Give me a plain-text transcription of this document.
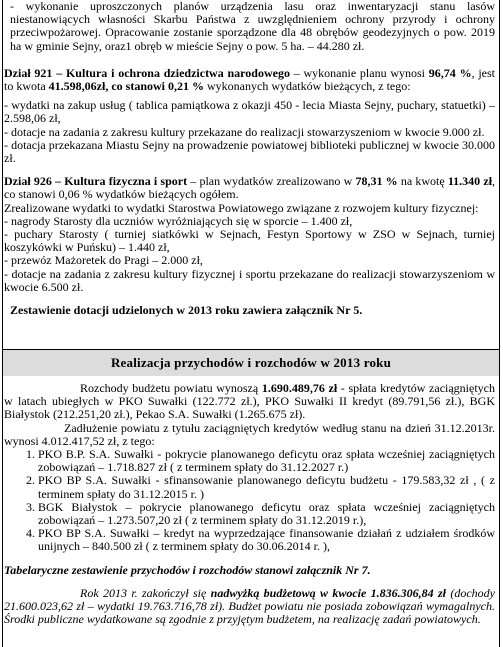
- wykonanie uproszczonych planów urządzenia lasu oraz inwentaryzacji stanu lasów niestanowiących własności Skarbu Państwa z uwzględnieniem ochrony przyrody i ochrony przeciwpożarowej. Opracowanie zostanie sporządzone dla 48 obrębów geodezyjnych o pow. 2019 ha w gminie Sejny, oraz1 obręb w mieście Sejny o pow. 5 ha. – 44.280 zł.

Dział 921 – Kultura i ochrona dziedzictwa narodowego – wykonanie planu wynosi 96,74 %, jest to kwota 41.598,06zł, co stanowi 0,21 % wykonanych wydatków bieżących, z tego:

- wydatki na zakup usług ( tablica pamiątkowa z okazji 450 - lecia Miasta Sejny, puchary, statuetki) – 2.598,06 zł,

- dotacje na zadania z zakresu kultury przekazane do realizacji stowarzyszeniom w kwocie 9.000 zł.

- dotacja przekazana Miastu Sejny na prowadzenie powiatowej biblioteki publicznej w kwocie 30.000 zł.

Dział 926 – Kultura fizyczna i sport – plan wydatków zrealizowano w 78,31 % na kwotę 11.340 zł, co stanowi 0,06 % wydatków bieżących ogółem.

Zrealizowane wydatki to wydatki Starostwa Powiatowego związane z rozwojem kultury fizycznej:

- nagrody Starosty dla uczniów wyróżniających się w sporcie – 1.400 zł,

- puchary Starosty ( turniej siatkówki w Sejnach, Festyn Sportowy w ZSO w Sejnach, turniej koszykówki w Puńsku) – 1.440 zł,

- przewóz Mażoretek do Pragi – 2.000 zł,

- dotacje na zadania z zakresu kultury fizycznej i sportu przekazane do realizacji stowarzyszeniom w kwocie 6.500 zł.

Zestawienie dotacji udzielonych w 2013 roku zawiera załącznik Nr 5.

Realizacja przychodów i rozchodów w 2013 roku

Rozchody budżetu powiatu wynoszą 1.690.489,76 zł - spłata kredytów zaciągniętych w latach ubiegłych w PKO Suwałki (122.772 zł.), PKO Suwałki II kredyt (89.791,56 zł.), BGK Białystok (212.251,20 zł.), Pekao S.A. Suwałki (1.265.675 zł).

Zadłużenie powiatu z tytułu zaciągniętych kredytów według stanu na dzień 31.12.2013r. wynosi 4.012.417,52 zł, z tego:

1. PKO B.P. S.A. Suwałki - pokrycie planowanego deficytu oraz spłata wcześniej zaciągniętych zobowiązań – 1.718.827 zł ( z terminem spłaty do 31.12.2027 r.)
2. PKO BP S.A. Suwałki - sfinansowanie planowanego deficytu budżetu - 179.583,32 zł , ( z terminem spłaty do 31.12.2015 r. )
3. BGK Białystok – pokrycie planowanego deficytu oraz spłata wcześniej zaciągniętych zobowiązań – 1.273.507,20 zł ( z terminem spłaty do 31.12.2019 r.),
4. PKO BP S.A. Suwałki – kredyt na wyprzedzające finansowanie działań z udziałem środków unijnych – 840.500 zł ( z terminem spłaty do 30.06.2014 r. ),

Tabelaryczne zestawienie przychodów i rozchodów stanowi załącznik Nr 7.

Rok 2013 r. zakończył się nadwyżką budżetową w kwocie 1.836.306,84 zł (dochody 21.600.023,62 zł – wydatki 19.763.716,78 zł). Budżet powiatu nie posiada zobowiązań wymagalnych. Środki publiczne wydatkowane są zgodnie z przyjętym budżetem, na realizację zadań powiatowych.
